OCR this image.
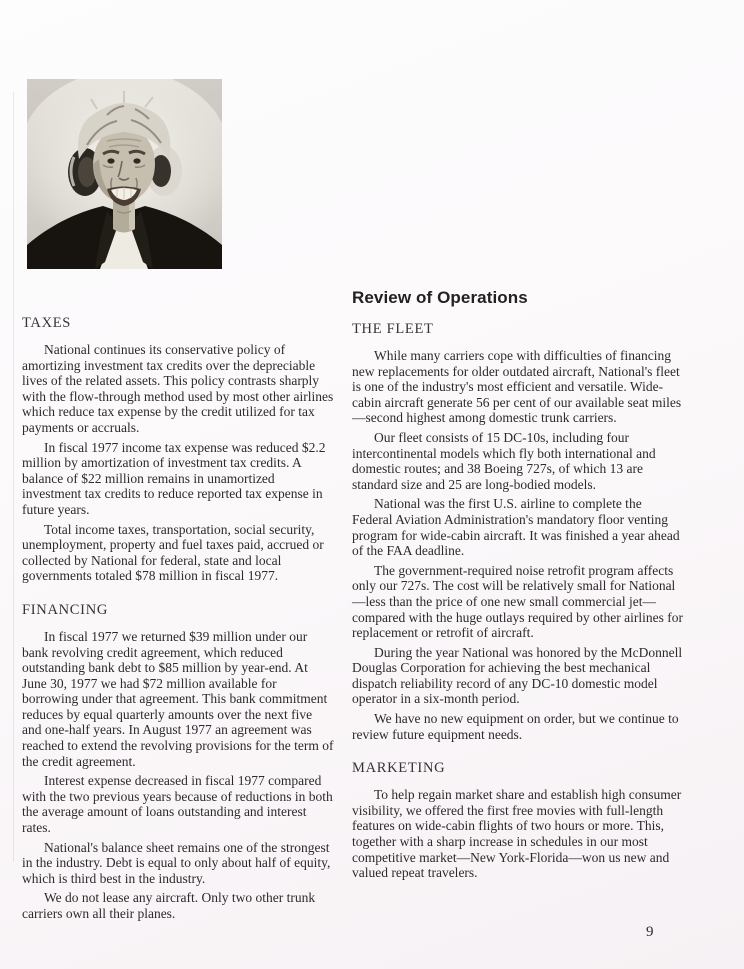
TAXES

National continues its conservative policy of amortizing investment tax credits over the depreciable lives of the related assets. This policy contrasts sharply with the flow-through method used by most other airlines which reduce tax expense by the credit utilized for tax payments or accruals.

In fiscal 1977 income tax expense was reduced $2.2 million by amortization of investment tax credits. A balance of $22 million remains in unamortized investment tax credits to reduce reported tax expense in future years.

Total income taxes, transportation, social security, unemployment, property and fuel taxes paid, accrued or collected by National for federal, state and local governments totaled $78 million in fiscal 1977.

FINANCING

In fiscal 1977 we returned $39 million under our bank revolving credit agreement, which reduced outstanding bank debt to $85 million by year-end. At June 30, 1977 we had $72 million available for borrowing under that agreement. This bank commitment reduces by equal quarterly amounts over the next five and one-half years. In August 1977 an agreement was reached to extend the revolving provisions for the term of the credit agreement.

Interest expense decreased in fiscal 1977 compared with the two previous years because of reductions in both the average amount of loans outstanding and interest rates.

National's balance sheet remains one of the strongest in the industry. Debt is equal to only about half of equity, which is third best in the industry.

We do not lease any aircraft. Only two other trunk carriers own all their planes.

Review of Operations
THE FLEET

While many carriers cope with difficulties of financing new replacements for older outdated aircraft, National's fleet is one of the industry's most efficient and versatile. Wide-cabin aircraft generate 56 per cent of our available seat miles—second highest among domestic trunk carriers.

Our fleet consists of 15 DC-10s, including four intercontinental models which fly both international and domestic routes; and 38 Boeing 727s, of which 13 are standard size and 25 are long-bodied models.

National was the first U.S. airline to complete the Federal Aviation Administration's mandatory floor venting program for wide-cabin aircraft. It was finished a year ahead of the FAA deadline.

The government-required noise retrofit program affects only our 727s. The cost will be relatively small for National—less than the price of one new small commercial jet—compared with the huge outlays required by other airlines for replacement or retrofit of aircraft.

During the year National was honored by the McDonnell Douglas Corporation for achieving the best mechanical dispatch reliability record of any DC-10 domestic model operator in a six-month period.

We have no new equipment on order, but we continue to review future equipment needs.

MARKETING

To help regain market share and establish high consumer visibility, we offered the first free movies with full-length features on wide-cabin flights of two hours or more. This, together with a sharp increase in schedules in our most competitive market—New York-Florida—won us new and valued repeat travelers.

9
